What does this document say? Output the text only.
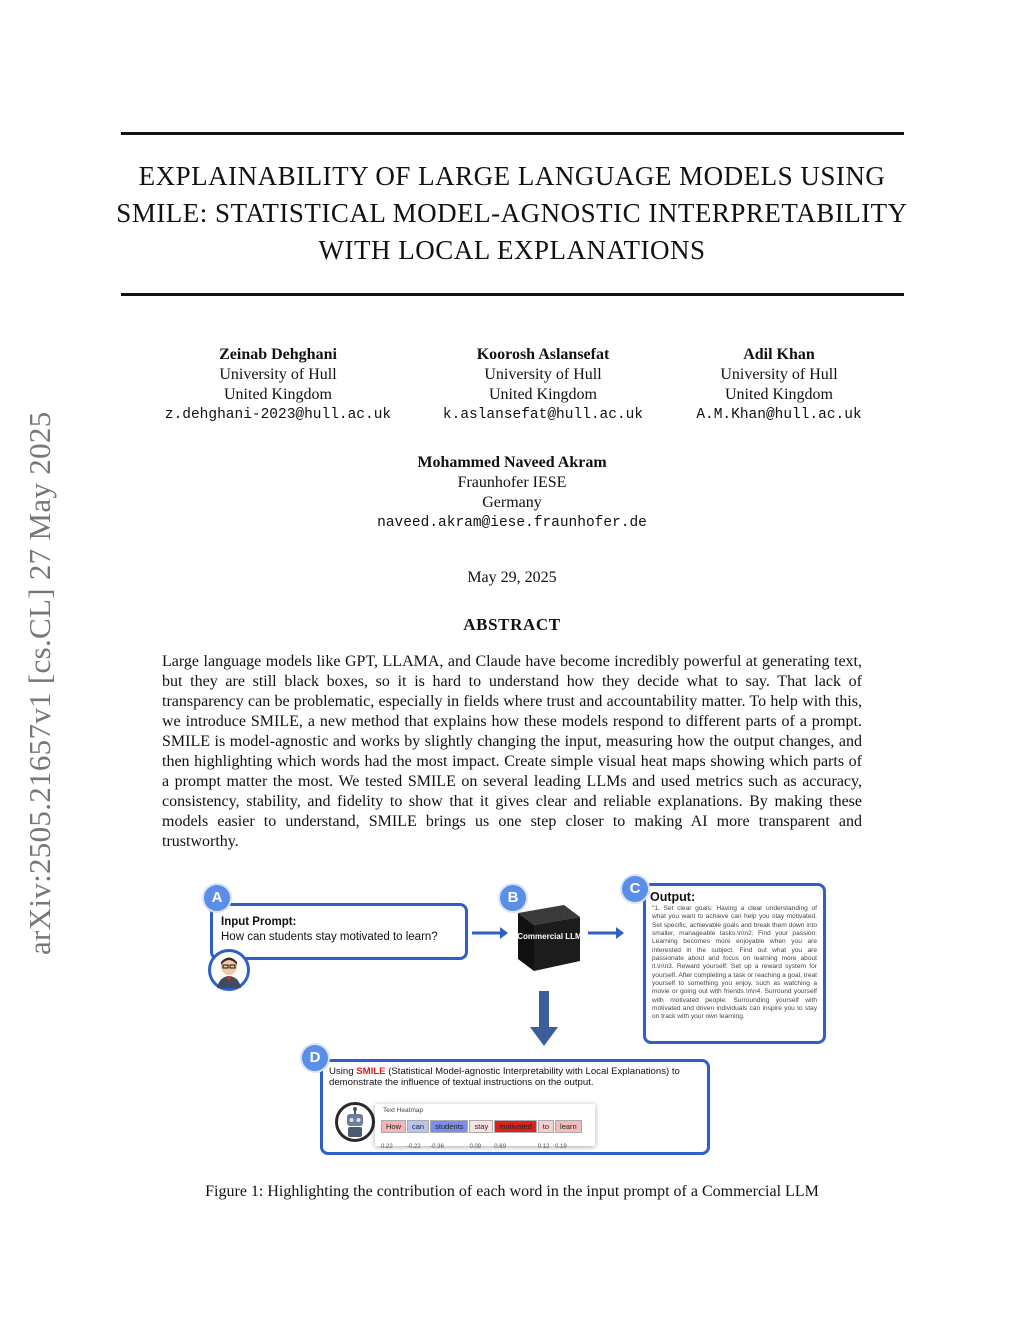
arXiv:2505.21657v1 [cs.CL] 27 May 2025
EXPLAINABILITY OF LARGE LANGUAGE MODELS USING
SMILE: STATISTICAL MODEL-AGNOSTIC INTERPRETABILITY
WITH LOCAL EXPLANATIONS
Zeinab Dehghani
University of Hull
United Kingdom
z.dehghani-2023@hull.ac.uk
Koorosh Aslansefat
University of Hull
United Kingdom
k.aslansefat@hull.ac.uk
Adil Khan
University of Hull
United Kingdom
A.M.Khan@hull.ac.uk
Mohammed Naveed Akram
Fraunhofer IESE
Germany
naveed.akram@iese.fraunhofer.de
May 29, 2025
ABSTRACT
Large language models like GPT, LLAMA, and Claude have become incredibly powerful at generating text, but they are still black boxes, so it is hard to understand how they decide what to say. That lack of transparency can be problematic, especially in fields where trust and accountability matter. To help with this, we introduce SMILE, a new method that explains how these models respond to different parts of a prompt. SMILE is model-agnostic and works by slightly changing the input, measuring how the output changes, and then highlighting which words had the most impact. Create simple visual heat maps showing which parts of a prompt matter the most. We tested SMILE on several leading LLMs and used metrics such as accuracy, consistency, stability, and fidelity to show that it gives clear and reliable explanations. By making these models easier to understand, SMILE brings us one step closer to making AI more transparent and trustworthy.
Input Prompt:
How can students stay motivated to learn?
A	B
Commercial LLM
Output:
"1. Set clear goals: Having a clear understanding of what you want to achieve can help you stay motivated. Set specific, achievable goals and break them down into smaller, manageable tasks.\n\n2. Find your passion: Learning becomes more enjoyable when you are interested in the subject. Find out what you are passionate about and focus on learning more about it.\n\n3. Reward yourself: Set up a reward system for yourself. After completing a task or reaching a goal, treat yourself to something you enjoy, such as watching a movie or going out with friends.\n\n4. Surround yourself with motivated people: Surrounding yourself with motivated and driven individuals can inspire you to stay on track with your own learning.
C
Using SMILE (Statistical Model-agnostic Interpretability with Local Explanations) to demonstrate the influence of textual instructions on the output.
Text Heatmap
How can students stay motivated to learn
0.22 -0.22 -0.36	0.09 0.69	0.12 0.19
D
Figure 1: Highlighting the contribution of each word in the input prompt of a Commercial LLM
